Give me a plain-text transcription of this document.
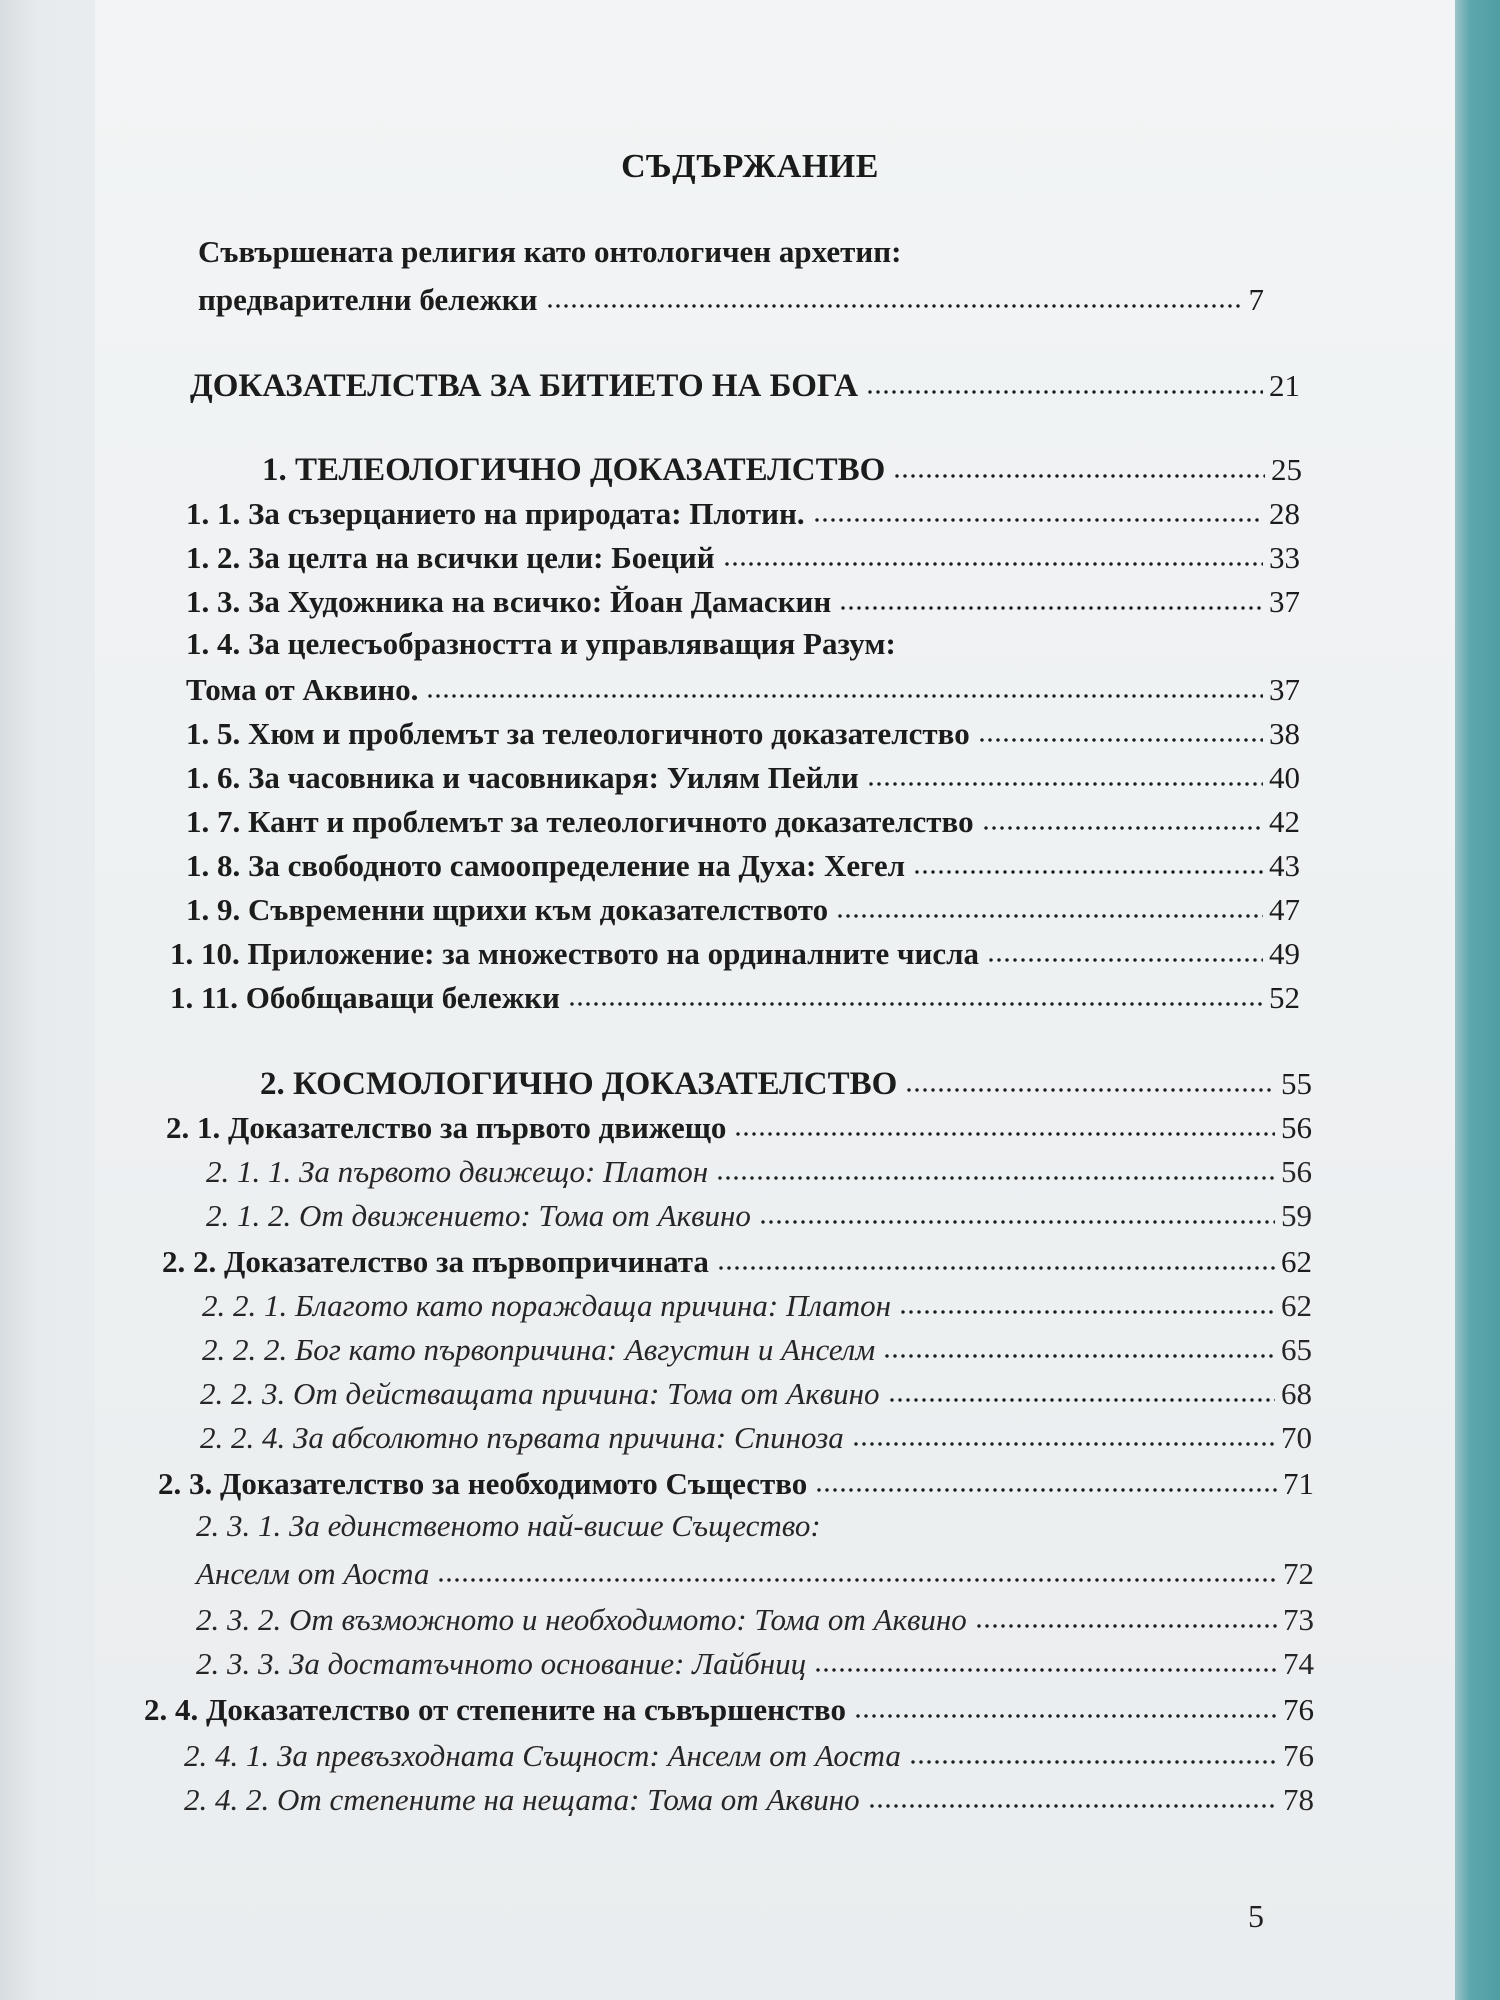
СЪДЪРЖАНИЕ
Съвършената религия като онтологичен архетип:
предварителни бележки	7
ДОКАЗАТЕЛСТВА ЗА БИТИЕТО НА БОГА	21
1. ТЕЛЕОЛОГИЧНО ДОКАЗАТЕЛСТВО	25
1. 1. За съзерцанието на природата: Плотин.	28
1. 2. За целта на всички цели: Боеций	33
1. 3. За Художника на всичко: Йоан Дамаскин	37
1. 4. За целесъобразността и управляващия Разум:
Тома от Аквино.	37
1. 5. Хюм и проблемът за телеологичното доказателство	38
1. 6. За часовника и часовникаря: Уилям Пейли	40
1. 7. Кант и проблемът за телеологичното доказателство	42
1. 8. За свободното самоопределение на Духа: Хегел	43
1. 9. Съвременни щрихи към доказателството	47
1. 10. Приложение: за множеството на ординалните числа	49
1. 11. Обобщаващи бележки	52
2. КОСМОЛОГИЧНО ДОКАЗАТЕЛСТВО	55
2. 1. Доказателство за първото движещо	56
2. 1. 1. За първото движещо: Платон	56
2. 1. 2. От движението: Тома от Аквино	59
2. 2. Доказателство за първопричината	62
2. 2. 1. Благото като пораждаща причина: Платон	62
2. 2. 2. Бог като първопричина: Августин и Анселм	65
2. 2. 3. От действащата причина: Тома от Аквино	68
2. 2. 4. За абсолютно първата причина: Спиноза	70
2. 3. Доказателство за необходимото Същество	71
2. 3. 1. За единственото най-висше Същество:
Анселм от Аоста	72
2. 3. 2. От възможното и необходимото: Тома от Аквино	73
2. 3. 3. За достатъчното основание: Лайбниц	74
2. 4. Доказателство от степените на съвършенство	76
2. 4. 1. За превъзходната Същност: Анселм от Аоста	76
2. 4. 2. От степените на нещата: Тома от Аквино	78
5
